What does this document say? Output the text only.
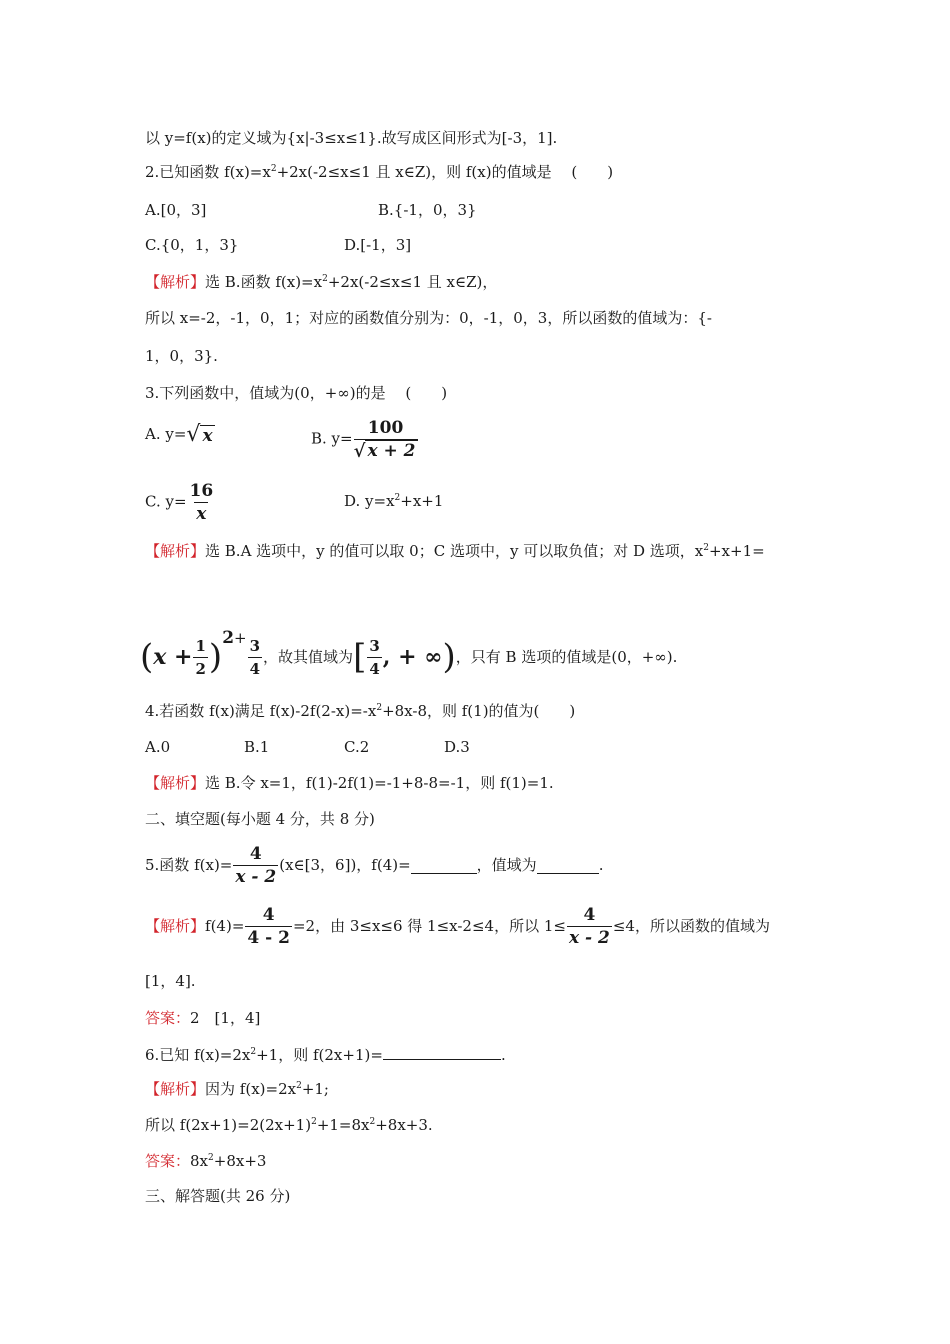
以 y=f(x)的定义域为{x|-3≤x≤1}.故写成区间形式为[-3，1].
2.已知函数 $f(x)=x^2+2x(-2\le x\le 1$ 且 x∈Z)，则 f(x)的值域是　 (　　)
A.[0，3]	B.{-1，0，3}
C.{0，1，3}	D.[-1，3]
【解析】选 B.函数 $f(x)=x^2+2x(-2\le x\le 1$ 且 x∈Z)，
所以 x=-2，-1，0，1；对应的函数值分别为：0，-1，0，3，所以函数的值域为：{-
1，0，3}.
3.下列函数中，值域为(0，+∞)的是　 (　　)
A. y= √ x	B. $y= \frac{100}{√ x + 2}$
C. $y= \frac{16}{x}$	D. $y=x^2+x+1$
【解析】选 B.A 选项中，y 的值可以取 0；C 选项中，y 可以取负值；对 D 选项，$x^2+x+1=$
$(x + \frac{1}{2} )2+ \frac{3}{4}$ ，故其值域为[ $\frac{3}{4}$ , + ∞)，只有 B 选项的值域是(0，+∞).
4.若函数 f(x)满足 $f(x)-2f(2-x)=-x^2+8x-8$，则 f(1)的值为(　　)
A.0	B.1	C.2	D.3
【解析】选 B.令 x=1，f(1)-2f(1)=-1+8-8=-1，则 f(1)=1.
二、填空题(每小题 4 分，共 8 分)
5.函数 $f(x)= \frac{4}{x - 2}$ (x∈[3，6])，f(4)=	，值域为	.
【解析】$f(4)= \frac{4}{4 - 2} =2$，由 3≤x≤6 得 1≤x-2≤4，所以 $1\le \frac{4}{x - 2} \le 4$，所以函数的值域为
[1，4].
答案：2　[1，4]
6.已知 $f(x)=2x^2+1$，则 f(2x+1)=	.
【解析】因为 $f(x)=2x^2+1$;
所以 $f(2x+1)=2(2x+1)^2+1=8x^2+8x+3$.
答案：$8x^2+8x+3$
三、解答题(共 26 分)
